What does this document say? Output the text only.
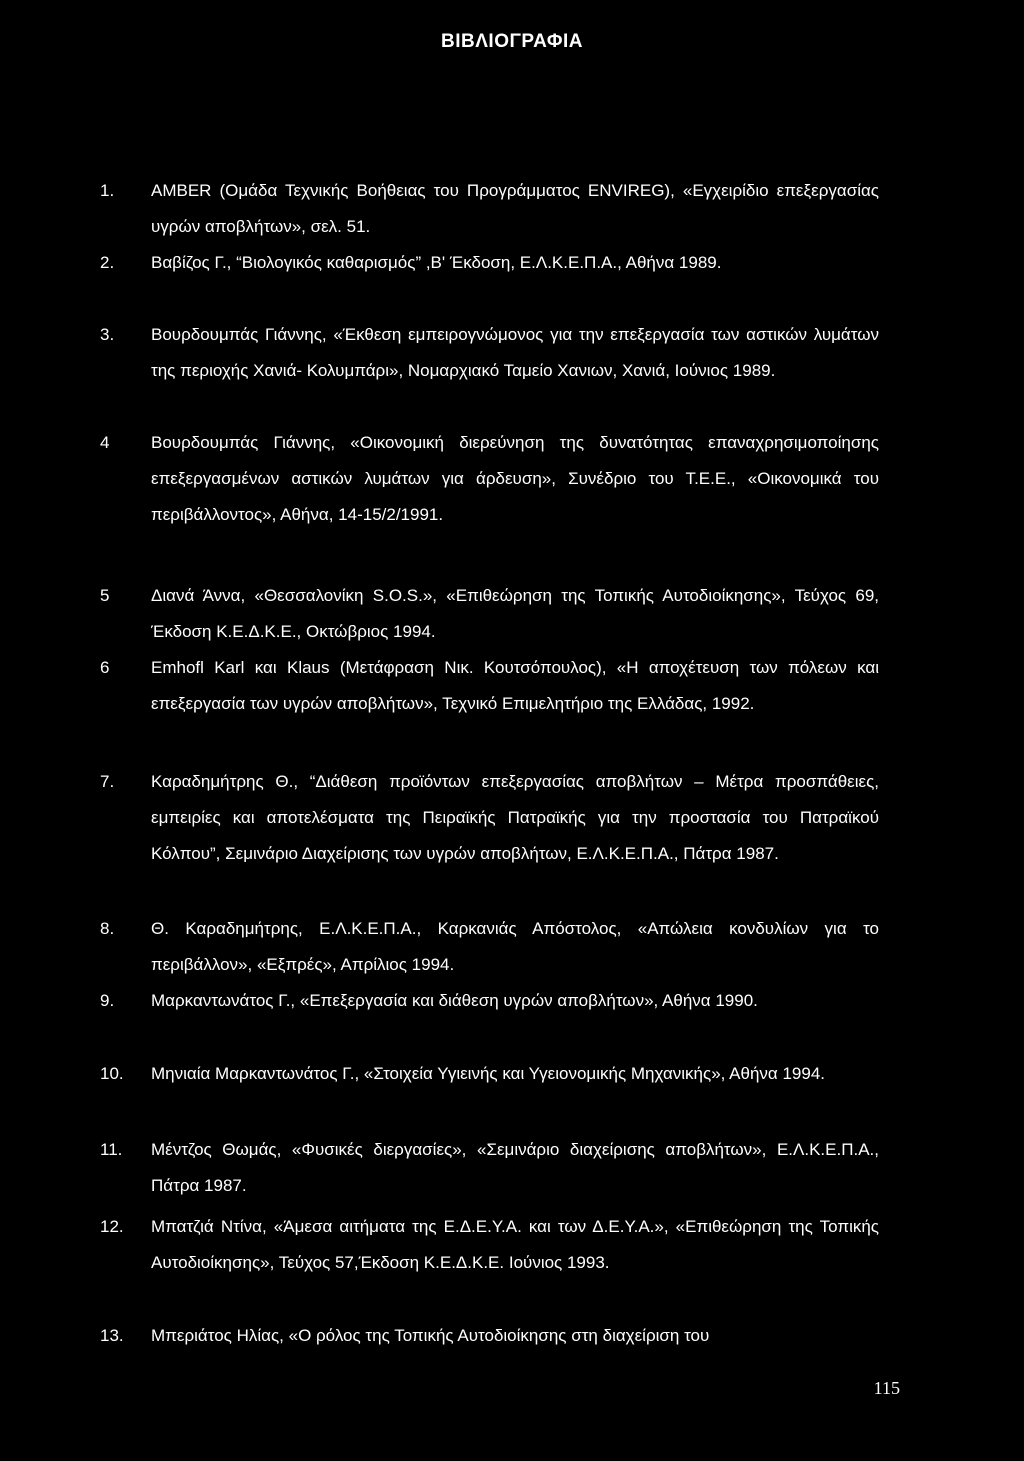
ΒΙΒΛΙΟΓΡΑΦΙΑ
1.	AMBER (Ομάδα Τεχνικής Βοήθειας του Προγράμματος ENVIREG), «Εγχειρίδιο επεξεργασίας υγρών αποβλήτων», σελ. 51.
2.	Βαβίζος Γ., “Βιολογικός καθαρισμός” ,Β' Έκδοση, Ε.Λ.Κ.Ε.Π.Α., Αθήνα 1989.
3.	Βουρδουμπάς Γιάννης, «Έκθεση εμπειρογνώμονος για την επεξεργασία των αστικών λυμάτων της περιοχής Χανιά- Κολυμπάρι», Νομαρχιακό Ταμείο Χανιων, Χανιά, Ιούνιος 1989.
4	Βουρδουμπάς Γιάννης, «Οικονομική διερεύνηση της δυνατότητας επαναχρησιμοποίησης επεξεργασμένων αστικών λυμάτων για άρδευση», Συνέδριο του Τ.Ε.Ε., «Οικονομικά του περιβάλλοντος», Αθήνα, 14-15/2/1991.
5	Διανά Άννα, «Θεσσαλονίκη S.O.S.», «Επιθεώρηση της Τοπικής Αυτοδιοίκησης», Τεύχος 69, Έκδοση Κ.Ε.Δ.Κ.Ε., Οκτώβριος 1994.
6	Emhofl Karl και Klaus (Μετάφραση Νικ. Κουτσόπουλος), «Η αποχέτευση των πόλεων και επεξεργασία των υγρών αποβλήτων», Τεχνικό Επιμελητήριο της Ελλάδας, 1992.
7.	Καραδημήτρης Θ., “Διάθεση προϊόντων επεξεργασίας αποβλήτων – Μέτρα προσπάθειες, εμπειρίες και αποτελέσματα της Πειραϊκής Πατραϊκής για την προστασία του Πατραϊκού Κόλπου”, Σεμινάριο Διαχείρισης των υγρών αποβλήτων, Ε.Λ.Κ.Ε.Π.Α., Πάτρα 1987.
8.	Θ. Καραδημήτρης, Ε.Λ.Κ.Ε.Π.Α., Καρκανιάς Απόστολος, «Απώλεια κονδυλίων για το περιβάλλον», «Εξπρές», Απρίλιος 1994.
9.	Μαρκαντωνάτος Γ., «Επεξεργασία και διάθεση υγρών αποβλήτων», Αθήνα 1990.
10.	Μηνιαία Μαρκαντωνάτος Γ., «Στοιχεία Υγιεινής και Υγειονομικής Μηχανικής», Αθήνα 1994.
11.	Μέντζος Θωμάς, «Φυσικές διεργασίες», «Σεμινάριο διαχείρισης αποβλήτων», Ε.Λ.Κ.Ε.Π.Α., Πάτρα 1987.
12.	Μπατζιά Ντίνα, «Άμεσα αιτήματα της Ε.Δ.Ε.Υ.Α. και των Δ.Ε.Υ.Α.», «Επιθεώρηση της Τοπικής Αυτοδιοίκησης», Τεύχος 57,Έκδοση Κ.Ε.Δ.Κ.Ε. Ιούνιος 1993.
13.	Μπεριάτος Ηλίας, «Ο ρόλος της Τοπικής Αυτοδιοίκησης στη διαχείριση του
115
